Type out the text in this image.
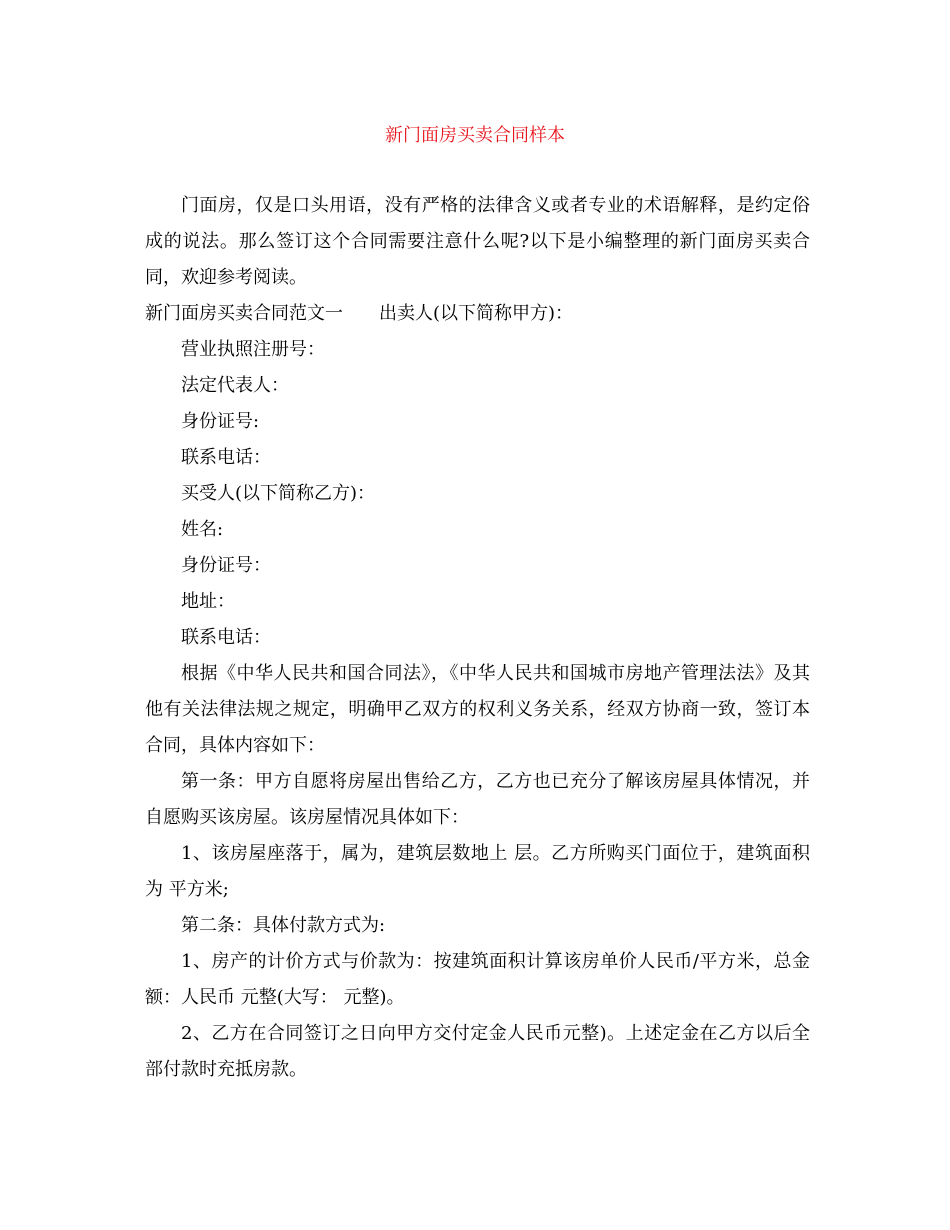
新门面房买卖合同样本

门面房，仅是口头用语，没有严格的法律含义或者专业的术语解释，是约定俗成的说法。那么签订这个合同需要注意什么呢?以下是小编整理的新门面房买卖合同，欢迎参考阅读。

新门面房买卖合同范文一 出卖人(以下简称甲方)：

营业执照注册号：

法定代表人：

身份证号:

联系电话：

买受人(以下简称乙方)：

姓名:

身份证号：

地址：

联系电话：

根据《中华人民共和国合同法》，《中华人民共和国城市房地产管理法法》及其他有关法律法规之规定，明确甲乙双方的权利义务关系，经双方协商一致，签订本合同，具体内容如下：

第一条：甲方自愿将房屋出售给乙方，乙方也已充分了解该房屋具体情况，并自愿购买该房屋。该房屋情况具体如下：

1、该房屋座落于，属为，建筑层数地上 层。乙方所购买门面位于，建筑面积为 平方米;

第二条：具体付款方式为:

1、房产的计价方式与价款为：按建筑面积计算该房单价人民币/平方米，总金额：人民币 元整(大写： 元整)。

2、乙方在合同签订之日向甲方交付定金人民币元整)。上述定金在乙方以后全部付款时充抵房款。
